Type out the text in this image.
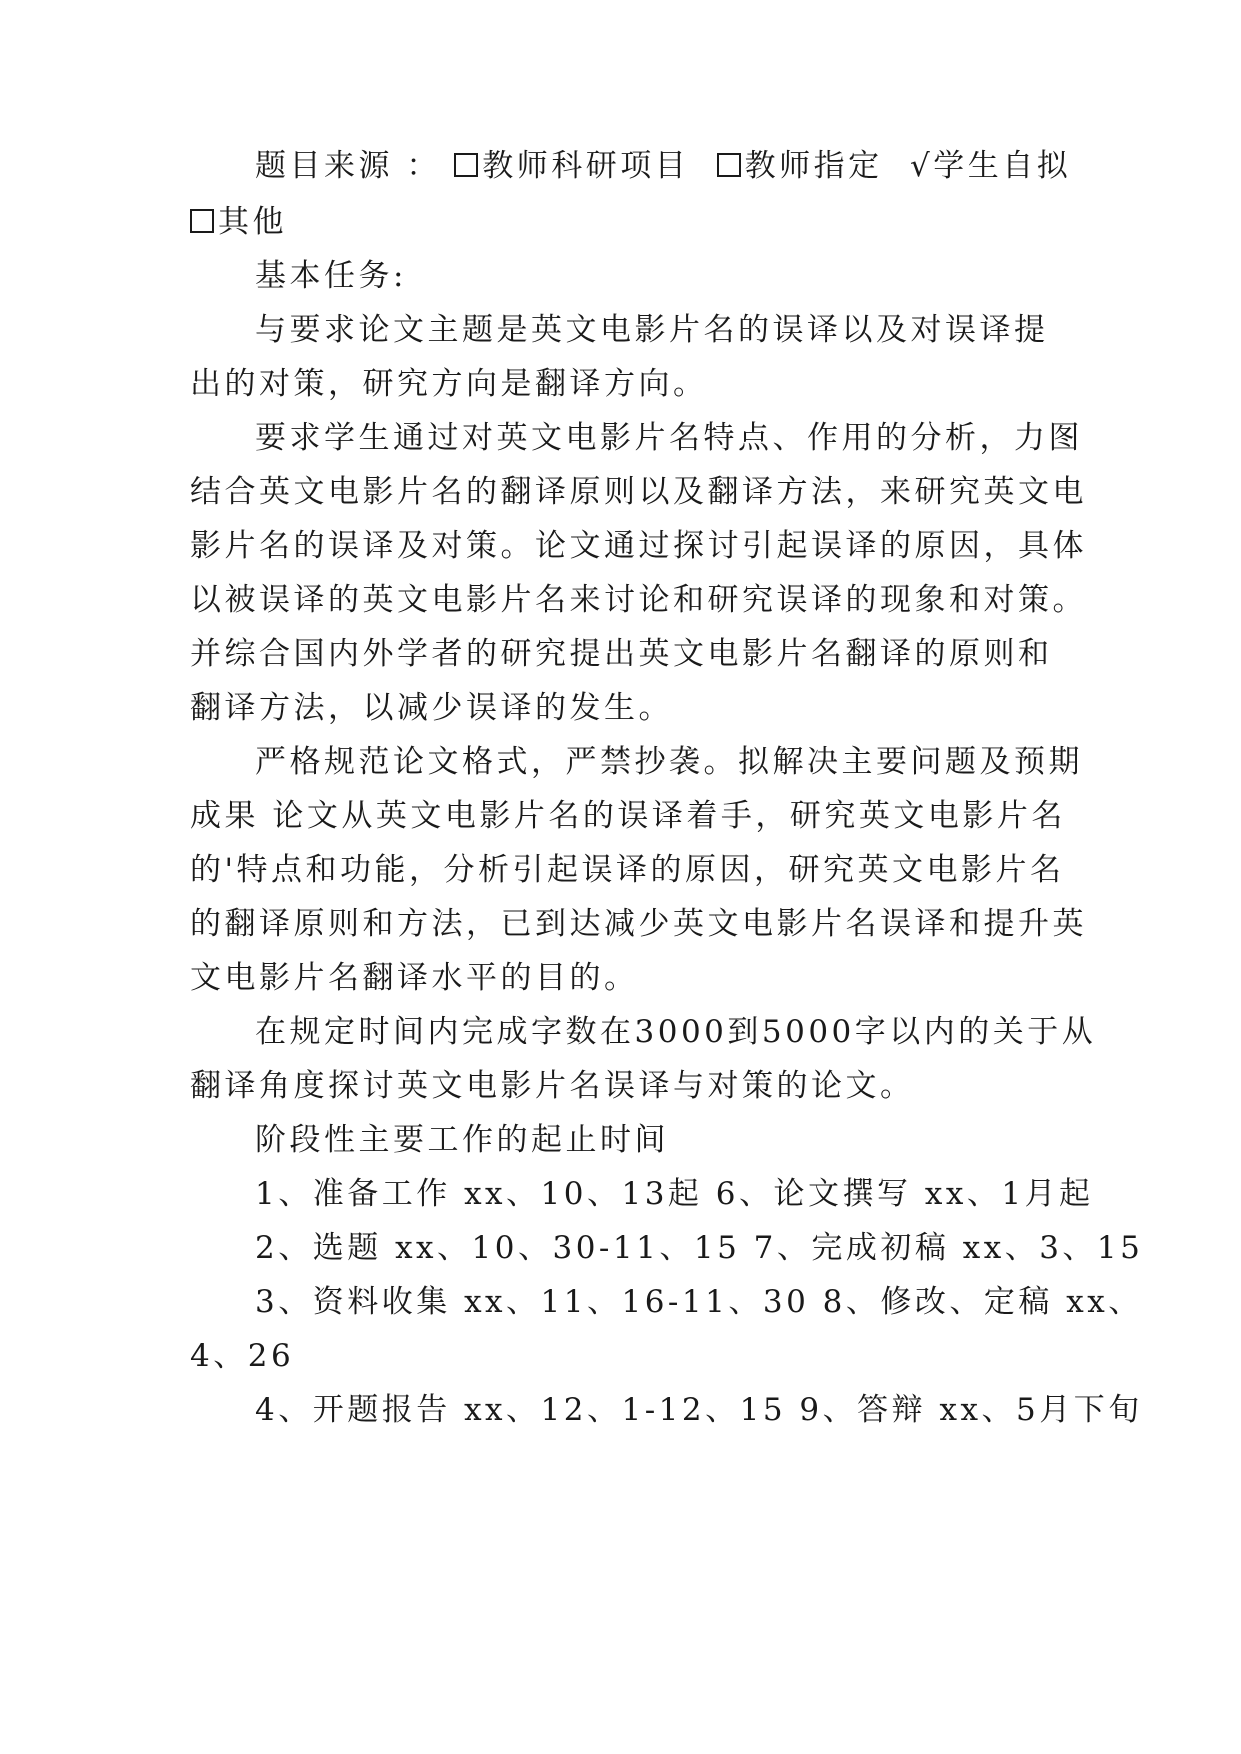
题目来源 ： 教师科研项目 教师指定 √学生自拟

其他

基本任务:

与要求论文主题是英文电影片名的误译以及对误译提

出的对策，研究方向是翻译方向。

要求学生通过对英文电影片名特点、作用的分析，力图

结合英文电影片名的翻译原则以及翻译方法，来研究英文电

影片名的误译及对策。论文通过探讨引起误译的原因，具体

以被误译的英文电影片名来讨论和研究误译的现象和对策。

并综合国内外学者的研究提出英文电影片名翻译的原则和

翻译方法，以减少误译的发生。

严格规范论文格式，严禁抄袭。拟解决主要问题及预期

成果 论文从英文电影片名的误译着手，研究英文电影片名

的'特点和功能，分析引起误译的原因，研究英文电影片名

的翻译原则和方法，已到达减少英文电影片名误译和提升英

文电影片名翻译水平的目的。

在规定时间内完成字数在3000到5000字以内的关于从

翻译角度探讨英文电影片名误译与对策的论文。

阶段性主要工作的起止时间

1、准备工作 xx、10、13起 6、论文撰写 xx、1月起

2、选题 xx、10、30-11、15 7、完成初稿 xx、3、15

3、资料收集 xx、11、16-11、30 8、修改、定稿 xx、

4、26

4、开题报告 xx、12、1-12、15 9、答辩 xx、5月下旬
